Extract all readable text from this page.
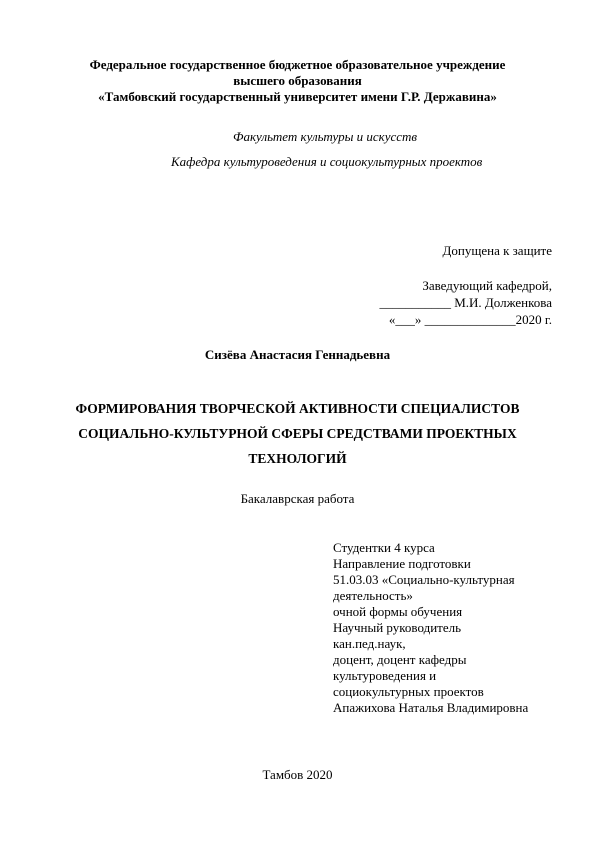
Федеральное государственное бюджетное образовательное учреждение
высшего образования
«Тамбовский государственный университет имени Г.Р. Державина»
Факультет культуры и искусств
Кафедра культуроведения и социокультурных проектов
Допущена к защите
Заведующий кафедрой,
___________ М.И. Долженкова
«___» ______________2020 г.
Сизёва Анастасия Геннадьевна
ФОРМИРОВАНИЯ ТВОРЧЕСКОЙ АКТИВНОСТИ СПЕЦИАЛИСТОВ
СОЦИАЛЬНО-КУЛЬТУРНОЙ СФЕРЫ СРЕДСТВАМИ ПРОЕКТНЫХ
ТЕХНОЛОГИЙ
Бакалаврская работа
Студентки 4 курса
Направление подготовки
51.03.03 «Социально-культурная
деятельность»
очной формы обучения
Научный руководитель
кан.пед.наук,
доцент, доцент кафедры
культуроведения и
социокультурных проектов
Апажихова Наталья Владимировна
Тамбов 2020
